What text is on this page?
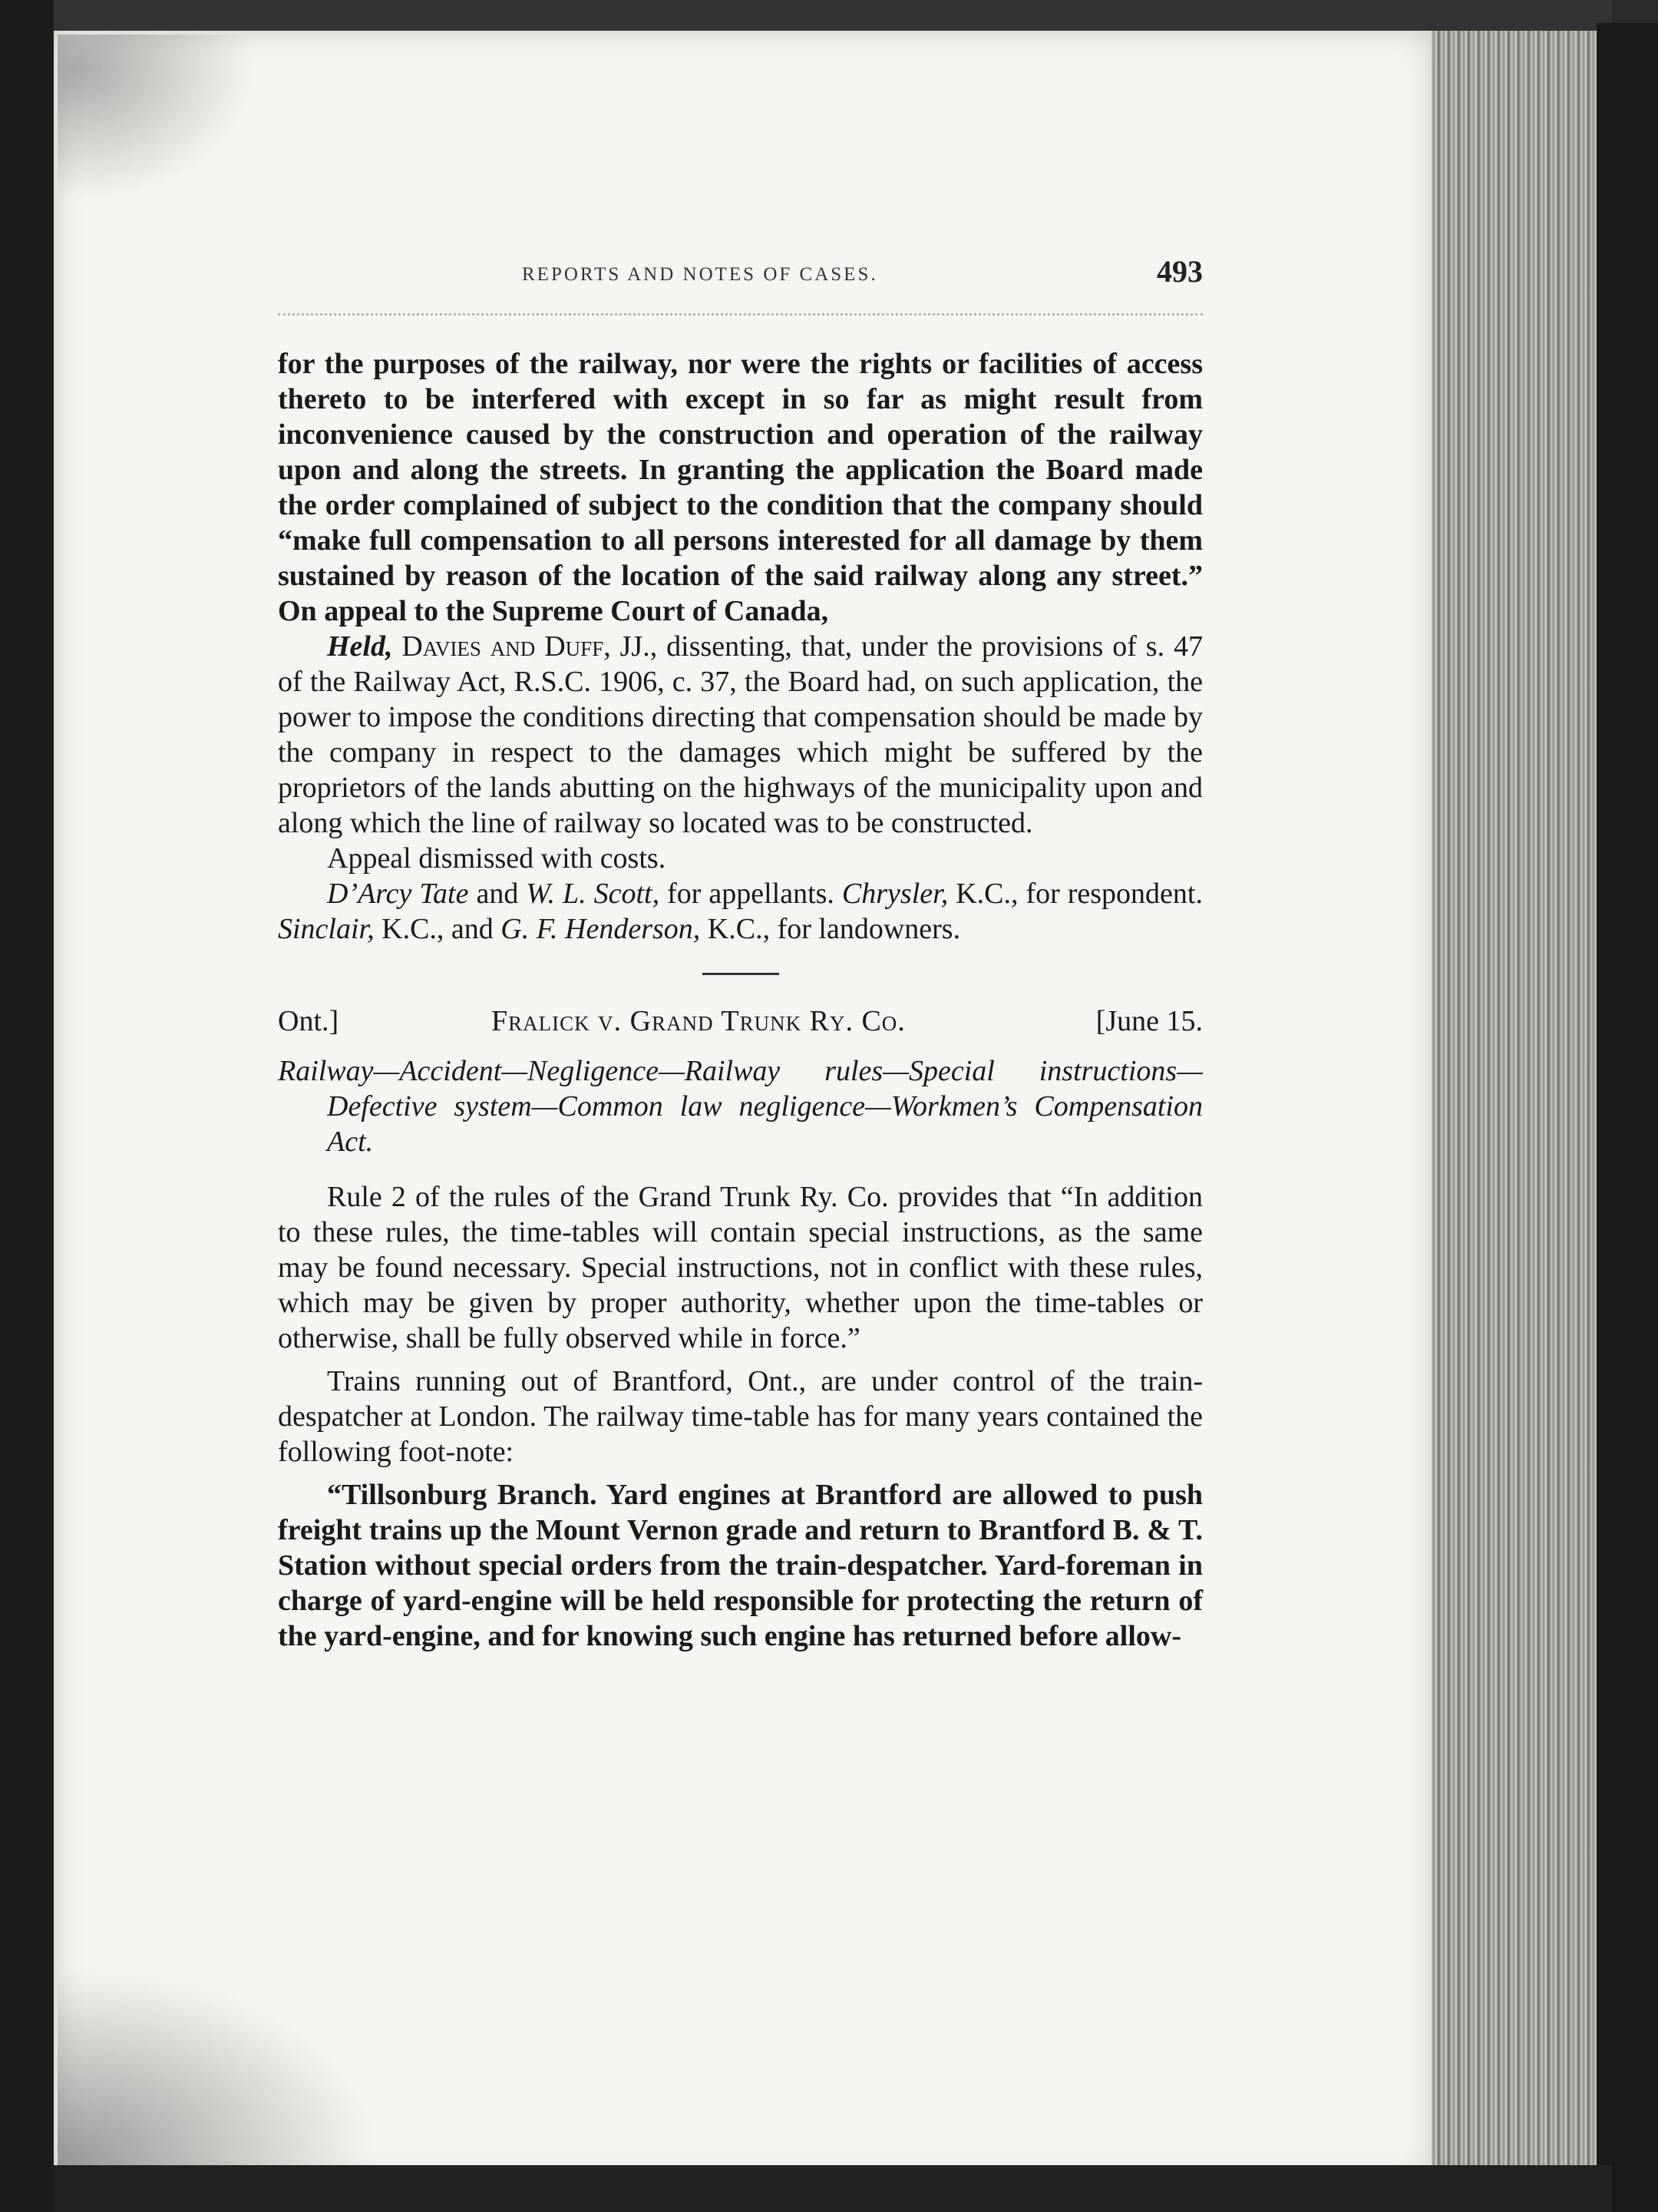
REPORTS AND NOTES OF CASES.	493

for the purposes of the railway, nor were the rights or facilities of access thereto to be interfered with except in so far as might result from inconvenience caused by the construction and operation of the railway upon and along the streets. In granting the application the Board made the order complained of subject to the condition that the company should “make full compensation to all persons interested for all damage by them sustained by reason of the location of the said railway along any street.” On appeal to the Supreme Court of Canada,

Held, Davies and Duff, JJ., dissenting, that, under the provisions of s. 47 of the Railway Act, R.S.C. 1906, c. 37, the Board had, on such application, the power to impose the conditions directing that compensation should be made by the company in respect to the damages which might be suffered by the proprietors of the lands abutting on the highways of the municipality upon and along which the line of railway so located was to be constructed.

Appeal dismissed with costs.

D’Arcy Tate and W. L. Scott, for appellants. Chrysler, K.C., for respondent. Sinclair, K.C., and G. F. Henderson, K.C., for landowners.

Ont.]	Fralick v. Grand Trunk Ry. Co.	[June 15.
Railway—Accident—Negligence—Railway rules—Special instructions—Defective system—Common law negligence—Workmen’s Compensation Act.

Rule 2 of the rules of the Grand Trunk Ry. Co. provides that “In addition to these rules, the time-tables will contain special instructions, as the same may be found necessary. Special instructions, not in conflict with these rules, which may be given by proper authority, whether upon the time-tables or otherwise, shall be fully observed while in force.”

Trains running out of Brantford, Ont., are under control of the train-despatcher at London. The railway time-table has for many years contained the following foot-note:

“Tillsonburg Branch. Yard engines at Brantford are allowed to push freight trains up the Mount Vernon grade and return to Brantford B. & T. Station without special orders from the train-despatcher. Yard-foreman in charge of yard-engine will be held responsible for protecting the return of the yard-engine, and for knowing such engine has returned before allow-
